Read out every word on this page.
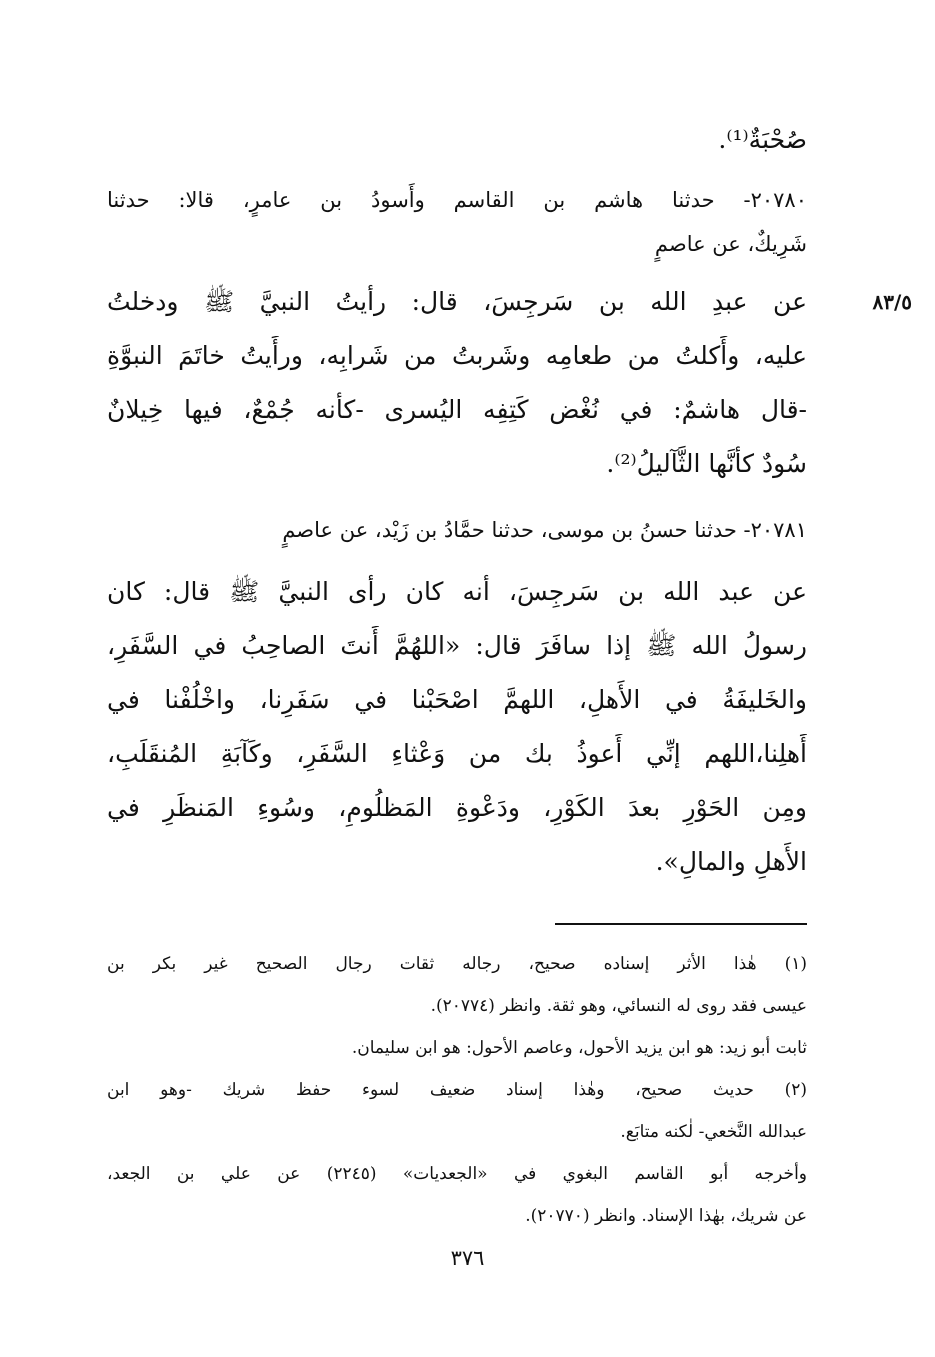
صُحْبَةٌ⁽¹⁾.
٢٠٧٨٠- حدثنا هاشم بن القاسم وأَسودُ بن عامرٍ، قالا: حدثنا
شَرِيكٌ، عن عاصمٍ
٨٣/٥
عن عبدِ الله بن سَرجِسَ، قال: رأيتُ النبيَّ ﷺ ودخلتُ
عليه، وأَكلتُ من طعامِه وشَربتُ من شَرابِه، ورأَيتُ خاتَمَ النبوَّةِ
-قال هاشمٌ: في نُغْض كَتِفِه اليُسرى -كأنه جُمْعٌ، فيها خِيلانٌ
سُودٌ كأنَّها الثَّآليلُ⁽²⁾.
٢٠٧٨١- حدثنا حسنُ بن موسى، حدثنا حمَّادُ بن زَيْد، عن عاصمٍ
عن عبد الله بن سَرجِسَ، أنه كان رأى النبيَّ ﷺ قال: كان
رسولُ الله ﷺ إذا سافَرَ قال: «اللهُمَّ أَنتَ الصاحِبُ في السَّفَرِ،
والخَليفَةُ في الأَهلِ، اللهمَّ اصْحَبْنا في سَفَرِنا، واخْلُفْنا في
أَهلِنا،اللهم إنِّي أَعوذُ بك من وَعْثاءِ السَّفَرِ، وكَآبَةِ المُنقَلَبِ،
ومِن الحَوْرِ بعدَ الكَوْرِ، ودَعْوةِ المَظلُومِ، وسُوءِ المَنظَرِ في
الأَهلِ والمالِ».
(١) هٰذا الأثر إسناده صحيح، رجاله ثقات رجال الصحيح غير بكر بن
عيسى فقد روى له النسائي، وهو ثقة. وانظر (٢٠٧٧٤).
ثابت أبو زيد: هو ابن يزيد الأحول، وعاصم الأحول: هو ابن سليمان.
(٢) حديث صحيح، وهٰذا إسناد ضعيف لسوء حفظ شريك -وهو ابن
عبدالله النَّخعي- لٰكنه متابَع.
وأخرجه أبو القاسم البغوي في «الجعديات» (٢٢٤٥) عن علي بن الجعد،
عن شريك، بهٰذا الإسناد. وانظر (٢٠٧٧٠).
٣٧٦
